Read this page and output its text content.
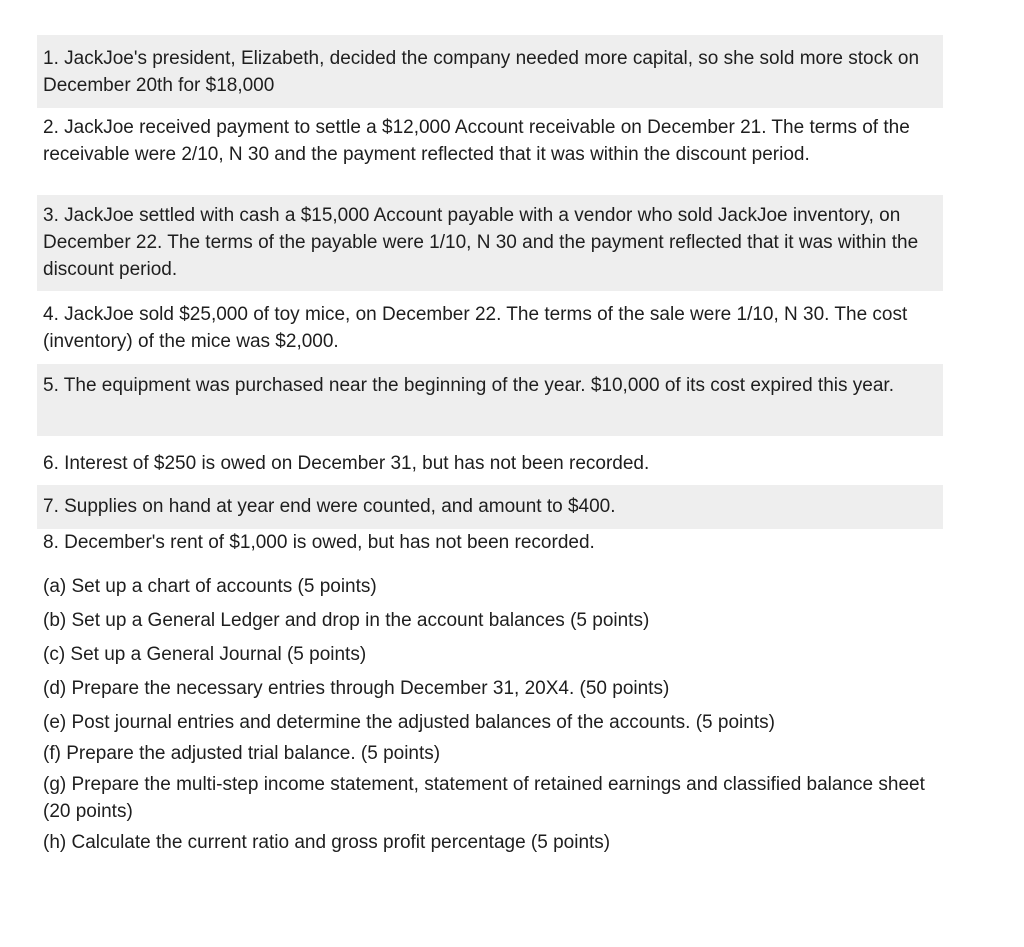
1. JackJoe's president, Elizabeth, decided the company needed more capital, so she sold more stock on December 20th for $18,000

2. JackJoe received payment to settle a $12,000 Account receivable on December 21. The terms of the receivable were 2/10, N 30 and the payment reflected that it was within the discount period.

3. JackJoe settled with cash a $15,000 Account payable with a vendor who sold JackJoe inventory, on December 22. The terms of the payable were 1/10, N 30 and the payment reflected that it was within the discount period.

4. JackJoe sold $25,000 of toy mice, on December 22. The terms of the sale were 1/10, N 30. The cost (inventory) of the mice was $2,000.

5. The equipment was purchased near the beginning of the year. $10,000 of its cost expired this year.

6. Interest of $250 is owed on December 31, but has not been recorded.

7. Supplies on hand at year end were counted, and amount to $400.

8. December's rent of $1,000 is owed, but has not been recorded.

(a) Set up a chart of accounts (5 points)

(b) Set up a General Ledger and drop in the account balances (5 points)

(c) Set up a General Journal (5 points)

(d) Prepare the necessary entries through December 31, 20X4. (50 points)

(e) Post journal entries and determine the adjusted balances of the accounts. (5 points)

(f) Prepare the adjusted trial balance. (5 points)

(g) Prepare the multi-step income statement, statement of retained earnings and classified balance sheet (20 points)

(h) Calculate the current ratio and gross profit percentage (5 points)
